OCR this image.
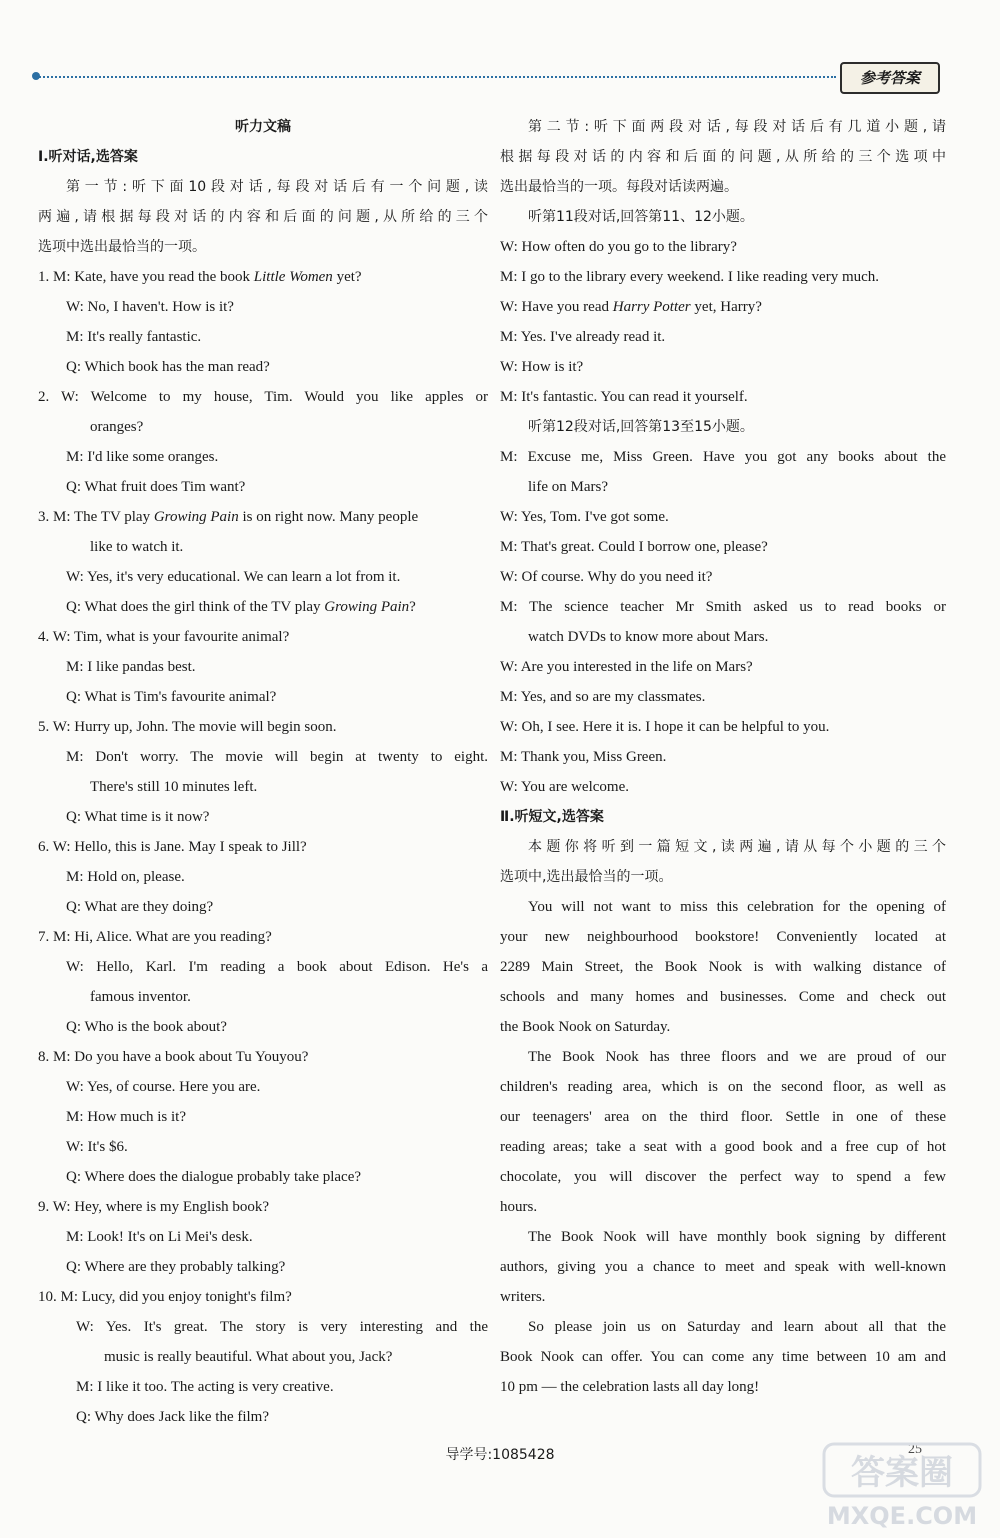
参考答案
听力文稿
Ⅰ.听对话,选答案
第一节:听下面10段对话,每段对话后有一个问题,读
两遍,请根据每段对话的内容和后面的问题,从所给的三个
选项中选出最恰当的一项。
1. M: Kate, have you read the book Little Women yet?
W: No, I haven't. How is it?
M: It's really fantastic.
Q: Which book has the man read?
2. W: Welcome to my house, Tim. Would you like apples or
oranges?
M: I'd like some oranges.
Q: What fruit does Tim want?
3. M: The TV play Growing Pain is on right now. Many people
like to watch it.
W: Yes, it's very educational. We can learn a lot from it.
Q: What does the girl think of the TV play Growing Pain?
4. W: Tim, what is your favourite animal?
M: I like pandas best.
Q: What is Tim's favourite animal?
5. W: Hurry up, John. The movie will begin soon.
M: Don't worry. The movie will begin at twenty to eight.
There's still 10 minutes left.
Q: What time is it now?
6. W: Hello, this is Jane. May I speak to Jill?
M: Hold on, please.
Q: What are they doing?
7. M: Hi, Alice. What are you reading?
W: Hello, Karl. I'm reading a book about Edison. He's a
famous inventor.
Q: Who is the book about?
8. M: Do you have a book about Tu Youyou?
W: Yes, of course. Here you are.
M: How much is it?
W: It's $6.
Q: Where does the dialogue probably take place?
9. W: Hey, where is my English book?
M: Look! It's on Li Mei's desk.
Q: Where are they probably talking?
10. M: Lucy, did you enjoy tonight's film?
W: Yes. It's great. The story is very interesting and the
music is really beautiful. What about you, Jack?
M: I like it too. The acting is very creative.
Q: Why does Jack like the film?
第二节:听下面两段对话,每段对话后有几道小题,请
根据每段对话的内容和后面的问题,从所给的三个选项中
选出最恰当的一项。每段对话读两遍。
听第11段对话,回答第11、12小题。
W: How often do you go to the library?
M: I go to the library every weekend. I like reading very much.
W: Have you read Harry Potter yet, Harry?
M: Yes. I've already read it.
W: How is it?
M: It's fantastic. You can read it yourself.
听第12段对话,回答第13至15小题。
M: Excuse me, Miss Green. Have you got any books about the
life on Mars?
W: Yes, Tom. I've got some.
M: That's great. Could I borrow one, please?
W: Of course. Why do you need it?
M: The science teacher Mr Smith asked us to read books or
watch DVDs to know more about Mars.
W: Are you interested in the life on Mars?
M: Yes, and so are my classmates.
W: Oh, I see. Here it is. I hope it can be helpful to you.
M: Thank you, Miss Green.
W: You are welcome.
Ⅱ.听短文,选答案
本题你将听到一篇短文,读两遍,请从每个小题的三个
选项中,选出最恰当的一项。
You will not want to miss this celebration for the opening of
your new neighbourhood bookstore! Conveniently located at
2289 Main Street, the Book Nook is with walking distance of
schools and many homes and businesses. Come and check out
the Book Nook on Saturday.
The Book Nook has three floors and we are proud of our
children's reading area, which is on the second floor, as well as
our teenagers' area on the third floor. Settle in one of these
reading areas; take a seat with a good book and a free cup of hot
chocolate, you will discover the perfect way to spend a few
hours.
The Book Nook will have monthly book signing by different
authors, giving you a chance to meet and speak with well-known
writers.
So please join us on Saturday and learn about all that the
Book Nook can offer. You can come any time between 10 am and
10 pm — the celebration lasts all day long!
导学号:1085428	25
答案圈
MXQE.COM
